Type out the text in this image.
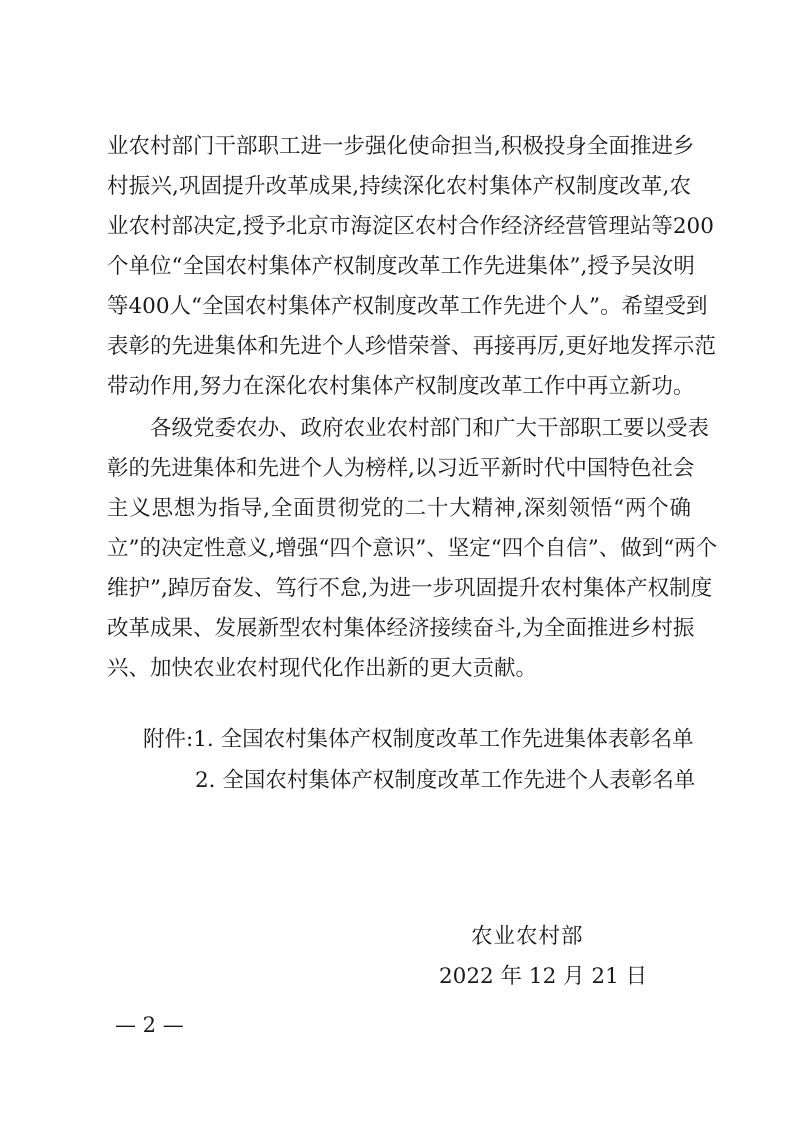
业农村部门干部职工进一步强化使命担当,积极投身全面推进乡
村振兴,巩固提升改革成果,持续深化农村集体产权制度改革,农
业农村部决定,授予北京市海淀区农村合作经济经营管理站等200
个单位“全国农村集体产权制度改革工作先进集体”,授予吴汝明
等400人“全国农村集体产权制度改革工作先进个人”。希望受到
表彰的先进集体和先进个人珍惜荣誉、再接再厉,更好地发挥示范
带动作用,努力在深化农村集体产权制度改革工作中再立新功。
各级党委农办、政府农业农村部门和广大干部职工要以受表
彰的先进集体和先进个人为榜样,以习近平新时代中国特色社会
主义思想为指导,全面贯彻党的二十大精神,深刻领悟“两个确
立”的决定性意义,增强“四个意识”、坚定“四个自信”、做到“两个
维护”,踔厉奋发、笃行不怠,为进一步巩固提升农村集体产权制度
改革成果、发展新型农村集体经济接续奋斗,为全面推进乡村振
兴、加快农业农村现代化作出新的更大贡献。
附件:1. 全国农村集体产权制度改革工作先进集体表彰名单
2. 全国农村集体产权制度改革工作先进个人表彰名单
农业农村部
2022 年 12 月 21 日
— 2 —
